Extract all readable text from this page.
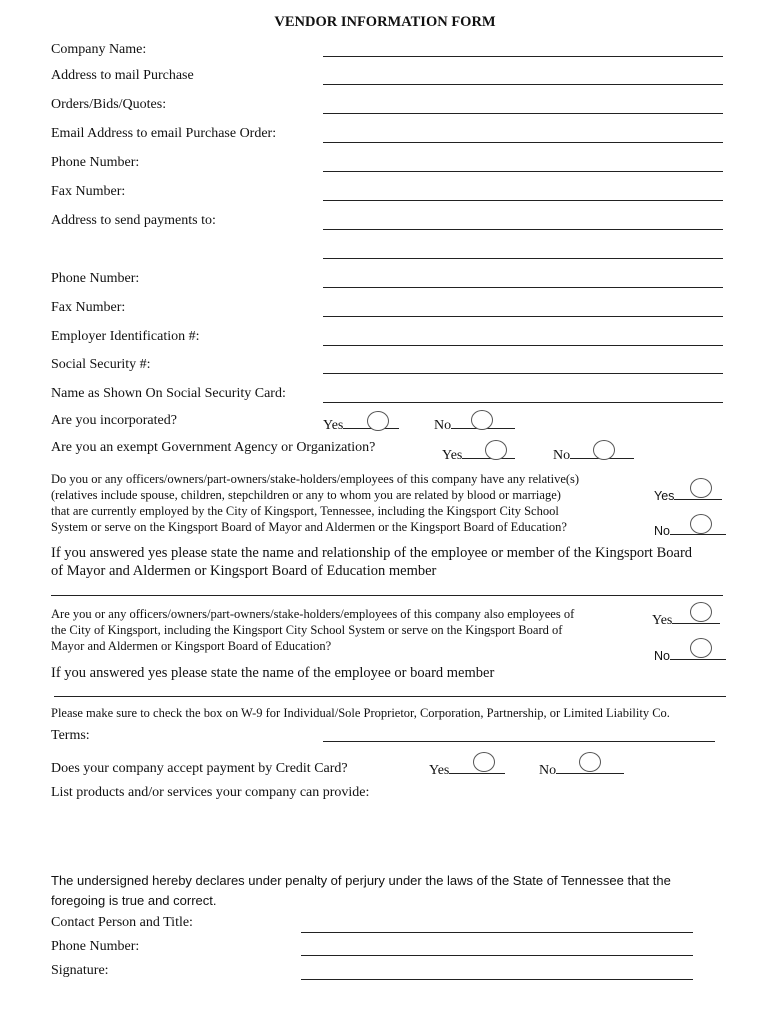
VENDOR INFORMATION FORM
Company Name:
Address to mail Purchase
Orders/Bids/Quotes:
Email Address to email Purchase Order:
Phone Number:
Fax Number:
Address to send payments to:
Phone Number:
Fax Number:
Employer Identification #:
Social Security #:
Name as Shown On Social Security Card:
Are you incorporated?	Yes	No
Are you an exempt Government Agency or Organization?
Yes	No
Do you or any officers/owners/part-owners/stake-holders/employees of this company have any relative(s)
(relatives include spouse, children, stepchildren or any to whom you are related by blood or marriage)
that are currently employed by the City of Kingsport, Tennessee, including the Kingsport City School
System or serve on the Kingsport Board of Mayor and Aldermen or the Kingsport Board of Education?
Yes
No
If you answered yes please state the name and relationship of the employee or member of the Kingsport Board
of Mayor and Aldermen or Kingsport Board of Education member
Are you or any officers/owners/part-owners/stake-holders/employees of this company also employees of
the City of Kingsport, including the Kingsport City School System or serve on the Kingsport Board of
Mayor and Aldermen or Kingsport Board of Education?
Yes
No
If you answered yes please state the name of the employee or board member
Please make sure to check the box on W-9 for Individual/Sole Proprietor, Corporation, Partnership, or Limited Liability Co.
Terms:
Does your company accept payment by Credit Card?	Yes	No
List products and/or services your company can provide:
The undersigned hereby declares under penalty of perjury under the laws of the State of Tennessee that the
foregoing is true and correct.
Contact Person and Title:
Phone Number:
Signature:
